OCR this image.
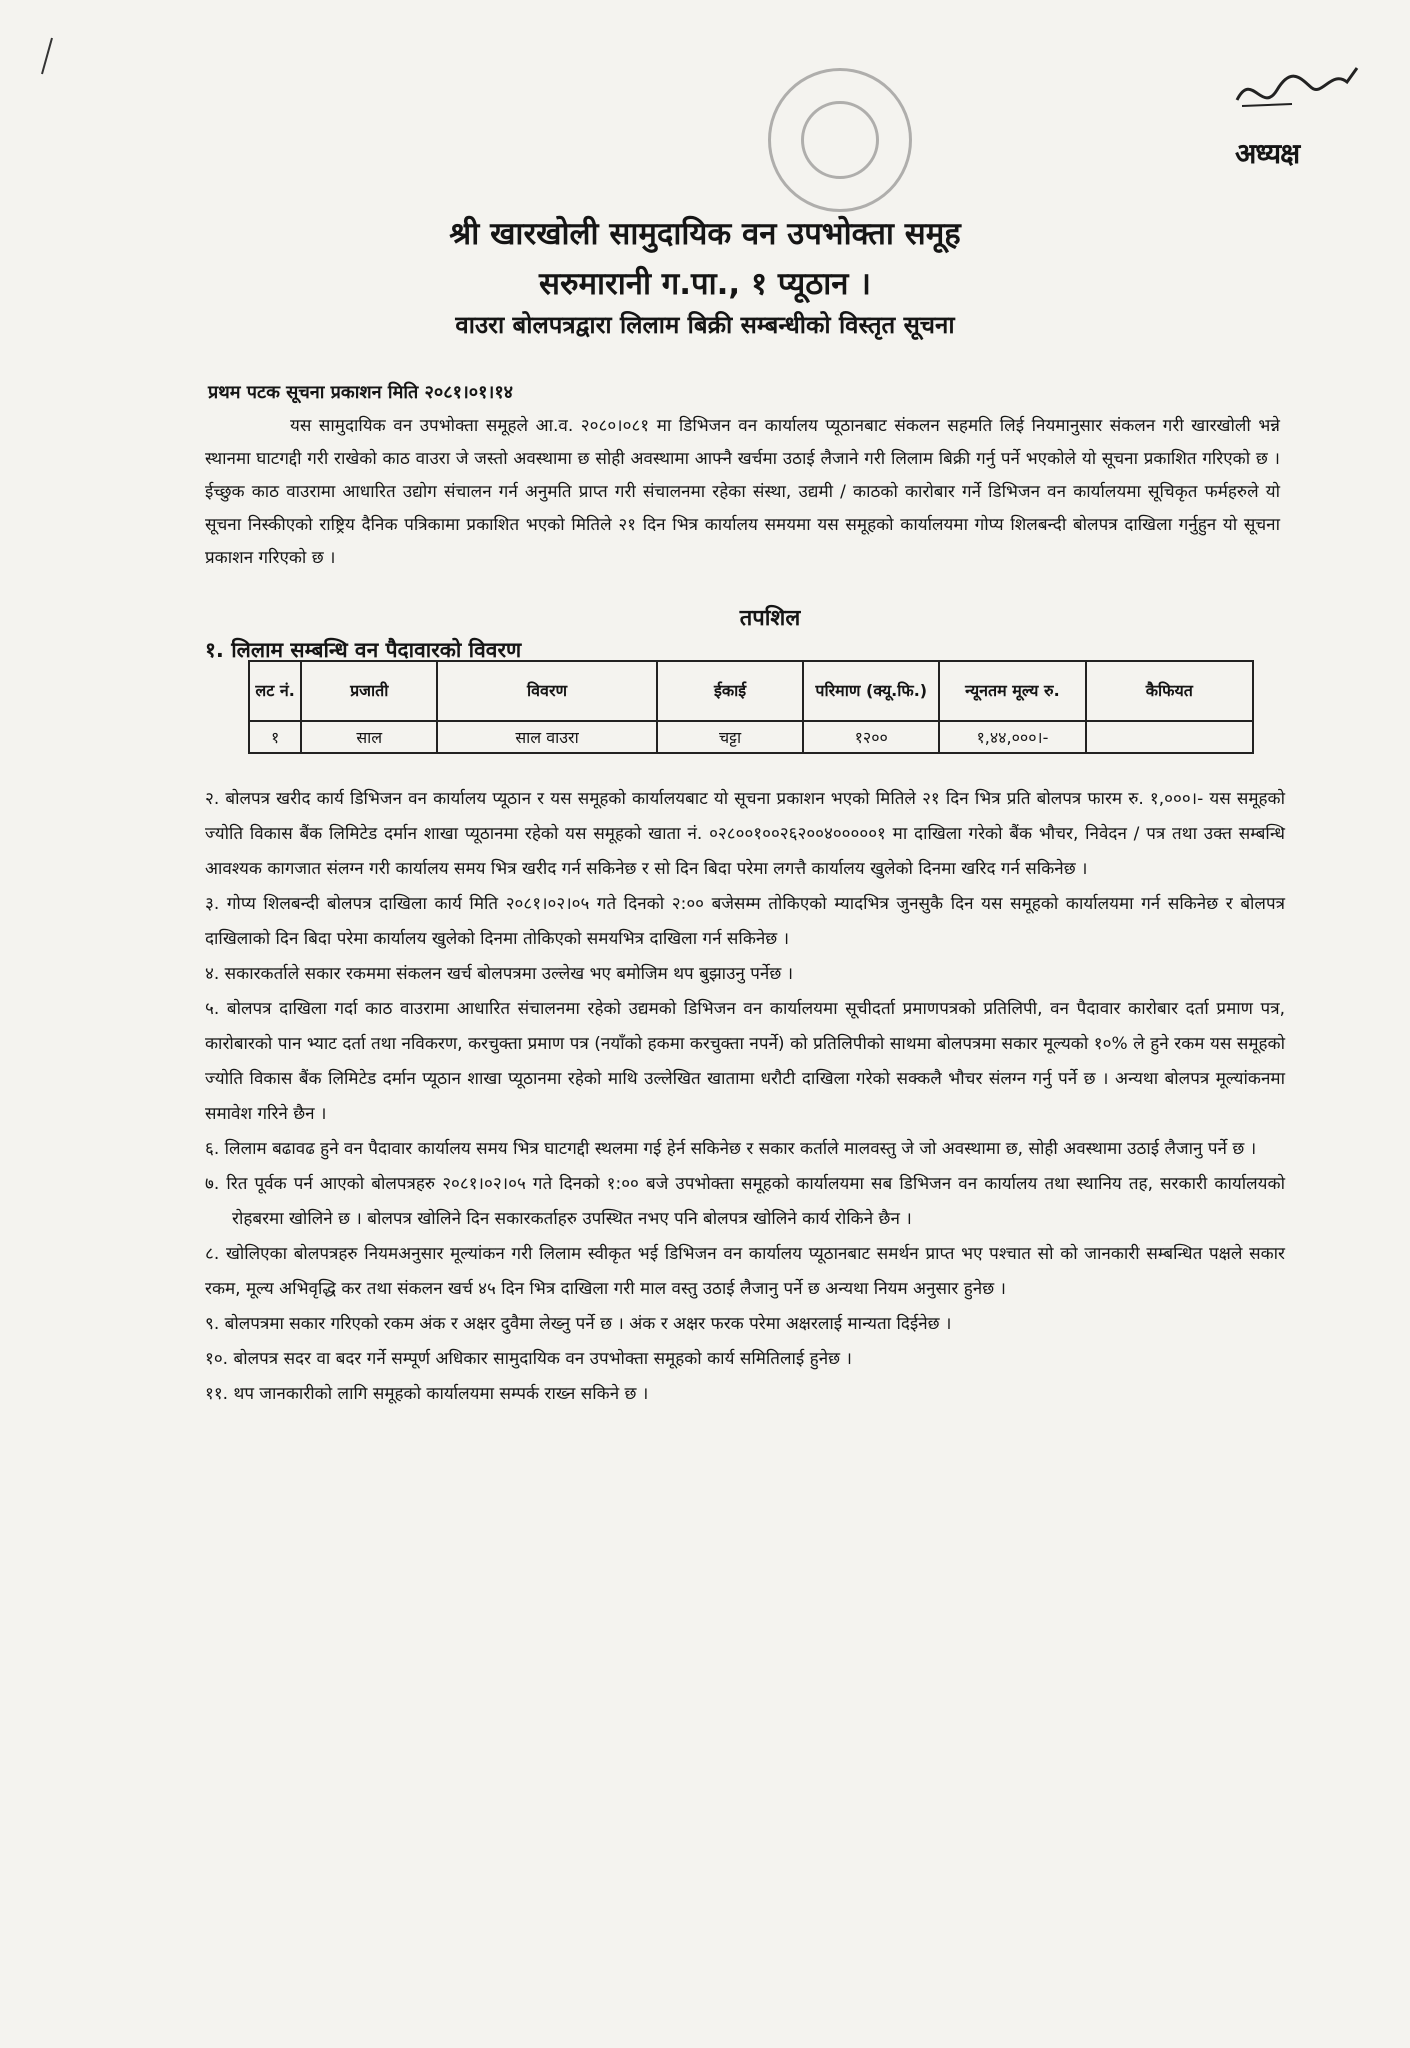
अध्यक्ष
श्री खारखोली सामुदायिक वन उपभोक्ता समूह
सरुमारानी ग.पा., १ प्यूठान ।
वाउरा बोलपत्रद्वारा लिलाम बिक्री सम्बन्धीको विस्तृत सूचना
प्रथम पटक सूचना प्रकाशन मिति २०८१।०१।१४
यस सामुदायिक वन उपभोक्ता समूहले आ.व. २०८०।०८१ मा डिभिजन वन कार्यालय प्यूठानबाट संकलन सहमति लिई नियमानुसार संकलन गरी खारखोली भन्ने स्थानमा घाटगद्दी गरी राखेको काठ वाउरा जे जस्तो अवस्थामा छ सोही अवस्थामा आफ्नै खर्चमा उठाई लैजाने गरी लिलाम बिक्री गर्नु पर्ने भएकोले यो सूचना प्रकाशित गरिएको छ । ईच्छुक काठ वाउरामा आधारित उद्योग संचालन गर्न अनुमति प्राप्त गरी संचालनमा रहेका संस्था, उद्यमी / काठको कारोबार गर्ने डिभिजन वन कार्यालयमा सूचिकृत फर्महरुले यो सूचना निस्कीएको राष्ट्रिय दैनिक पत्रिकामा प्रकाशित भएको मितिले २१ दिन भित्र कार्यालय समयमा यस समूहको कार्यालयमा गोप्य शिलबन्दी बोलपत्र दाखिला गर्नुहुन यो सूचना प्रकाशन गरिएको छ ।
तपशिल
१. लिलाम सम्बन्धि वन पैदावारको विवरण
लट नं.	प्रजाती	विवरण	ईकाई	परिमाण (क्यू.फि.)	न्यूनतम मूल्य रु.	कैफियत
१	साल	साल वाउरा	चट्टा	१२००	१,४४,०००।-	

२. बोलपत्र खरीद कार्य डिभिजन वन कार्यालय प्यूठान र यस समूहको कार्यालयबाट यो सूचना प्रकाशन भएको मितिले २१ दिन भित्र प्रति बोलपत्र फारम रु. १,०००।- यस समूहको ज्योति विकास बैंक लिमिटेड दर्मान शाखा प्यूठानमा रहेको यस समूहको खाता नं. ०२८००१००२६२००४०००००१ मा दाखिला गरेको बैंक भौचर, निवेदन / पत्र तथा उक्त सम्बन्धि आवश्यक कागजात संलग्न गरी कार्यालय समय भित्र खरीद गर्न सकिनेछ र सो दिन बिदा परेमा लगत्तै कार्यालय खुलेको दिनमा खरिद गर्न सकिनेछ ।

३. गोप्य शिलबन्दी बोलपत्र दाखिला कार्य मिति २०८१।०२।०५ गते दिनको २:०० बजेसम्म तोकिएको म्यादभित्र जुनसुकै दिन यस समूहको कार्यालयमा गर्न सकिनेछ र बोलपत्र दाखिलाको दिन बिदा परेमा कार्यालय खुलेको दिनमा तोकिएको समयभित्र दाखिला गर्न सकिनेछ ।

४. सकारकर्ताले सकार रकममा संकलन खर्च बोलपत्रमा उल्लेख भए बमोजिम थप बुझाउनु पर्नेछ ।

५. बोलपत्र दाखिला गर्दा काठ वाउरामा आधारित संचालनमा रहेको उद्यमको डिभिजन वन कार्यालयमा सूचीदर्ता प्रमाणपत्रको प्रतिलिपी, वन पैदावार कारोबार दर्ता प्रमाण पत्र, कारोबारको पान भ्याट दर्ता तथा नविकरण, करचुक्ता प्रमाण पत्र (नयाँको हकमा करचुक्ता नपर्ने) को प्रतिलिपीको साथमा बोलपत्रमा सकार मूल्यको १०% ले हुने रकम यस समूहको ज्योति विकास बैंक लिमिटेड दर्मान प्यूठान शाखा प्यूठानमा रहेको माथि उल्लेखित खातामा धरौटी दाखिला गरेको सक्कलै भौचर संलग्न गर्नु पर्ने छ । अन्यथा बोलपत्र मूल्यांकनमा समावेश गरिने छैन ।

६. लिलाम बढावढ हुने वन पैदावार कार्यालय समय भित्र घाटगद्दी स्थलमा गई हेर्न सकिनेछ र सकार कर्ताले मालवस्तु जे जो अवस्थामा छ, सोही अवस्थामा उठाई लैजानु पर्ने छ ।

७. रित पूर्वक पर्न आएको बोलपत्रहरु २०८१।०२।०५ गते दिनको १:०० बजे उपभोक्ता समूहको कार्यालयमा सब डिभिजन वन कार्यालय तथा स्थानिय तह, सरकारी कार्यालयको रोहबरमा खोलिने छ । बोलपत्र खोलिने दिन सकारकर्ताहरु उपस्थित नभए पनि बोलपत्र खोलिने कार्य रोकिने छैन ।

८. खोलिएका बोलपत्रहरु नियमअनुसार मूल्यांकन गरी लिलाम स्वीकृत भई डिभिजन वन कार्यालय प्यूठानबाट समर्थन प्राप्त भए पश्चात सो को जानकारी सम्बन्धित पक्षले सकार रकम, मूल्य अभिवृद्धि कर तथा संकलन खर्च ४५ दिन भित्र दाखिला गरी माल वस्तु उठाई लैजानु पर्ने छ अन्यथा नियम अनुसार हुनेछ ।

९. बोलपत्रमा सकार गरिएको रकम अंक र अक्षर दुवैमा लेख्नु पर्ने छ । अंक र अक्षर फरक परेमा अक्षरलाई मान्यता दिईनेछ ।

१०. बोलपत्र सदर वा बदर गर्ने सम्पूर्ण अधिकार सामुदायिक वन उपभोक्ता समूहको कार्य समितिलाई हुनेछ ।

११. थप जानकारीको लागि समूहको कार्यालयमा सम्पर्क राख्न सकिने छ ।
